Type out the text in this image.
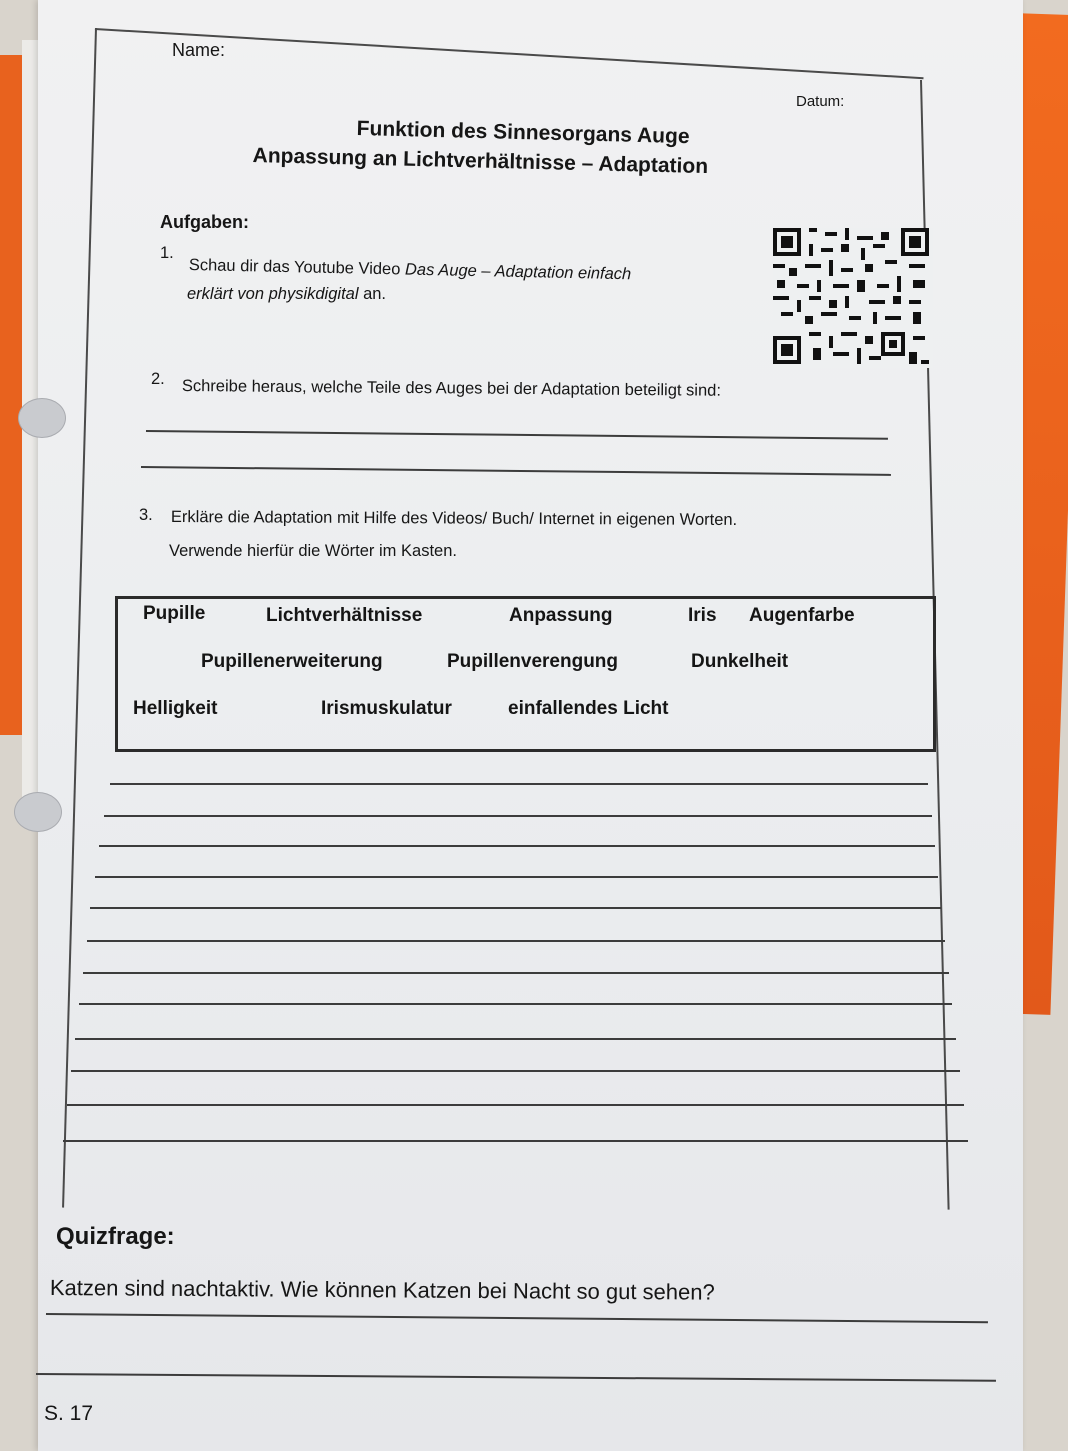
Name:
Datum:
Funktion des Sinnesorgans Auge
Anpassung an Lichtverhältnisse – Adaptation
Aufgaben:
1.
Schau dir das Youtube Video Das Auge – Adaptation einfach
erklärt von physikdigital an.
2. Schreibe heraus, welche Teile des Auges bei der Adaptation beteiligt sind:
3. Erkläre die Adaptation mit Hilfe des Videos/ Buch/ Internet in eigenen Worten.
Verwende hierfür die Wörter im Kasten.
Pupille	Lichtverhältnisse	Anpassung	Iris Augenfarbe
Pupillenerweiterung	Pupillenverengung	Dunkelheit
Helligkeit	Irismuskulatur	einfallendes Licht
Quizfrage:
Katzen sind nachtaktiv. Wie können Katzen bei Nacht so gut sehen?
S. 17
